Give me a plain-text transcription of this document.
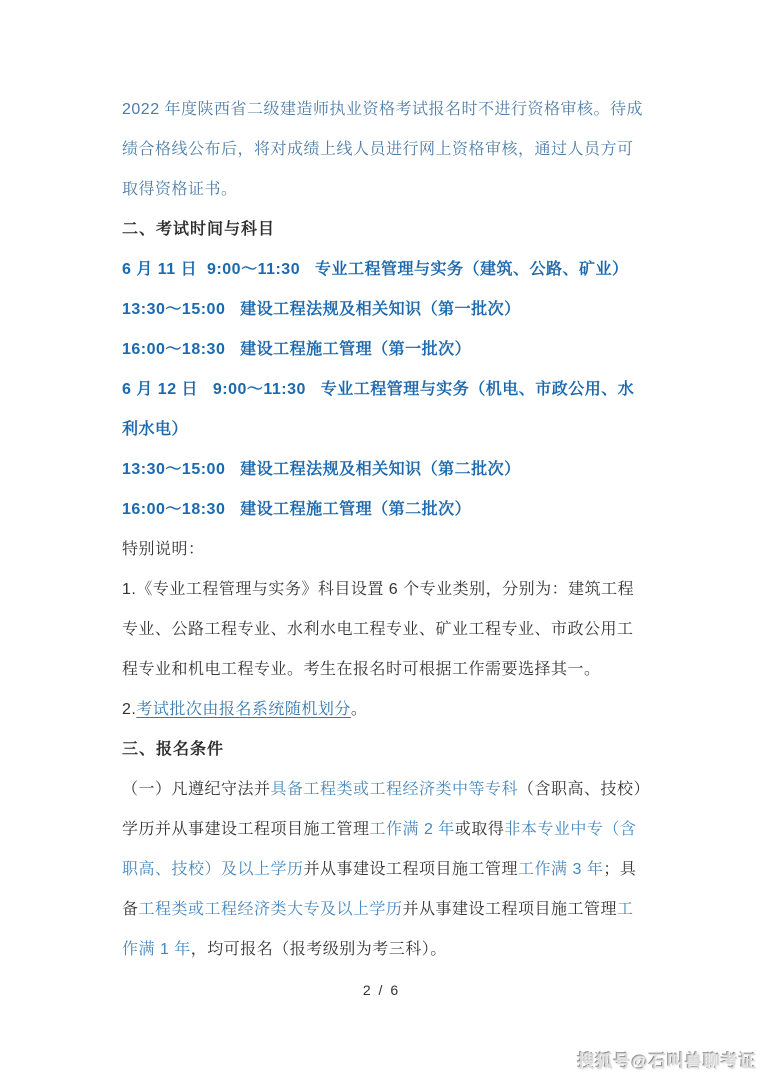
2022 年度陕西省二级建造师执业资格考试报名时不进行资格审核。待成
绩合格线公布后，将对成绩上线人员进行网上资格审核，通过人员方可
取得资格证书。
二、考试时间与科目
6 月 11 日  9:00～11:30   专业工程管理与实务（建筑、公路、矿业）
13:30～15:00   建设工程法规及相关知识（第一批次）
16:00～18:30   建设工程施工管理（第一批次）
6 月 12 日   9:00～11:30   专业工程管理与实务（机电、市政公用、水
利水电）
13:30～15:00   建设工程法规及相关知识（第二批次）
16:00～18:30   建设工程施工管理（第二批次）
特别说明：
1.《专业工程管理与实务》科目设置 6 个专业类别，分别为：建筑工程
专业、公路工程专业、水利水电工程专业、矿业工程专业、市政公用工
程专业和机电工程专业。考生在报名时可根据工作需要选择其一。
2.考试批次由报名系统随机划分。
三、报名条件
（一）凡遵纪守法并具备工程类或工程经济类中等专科（含职高、技校）
学历并从事建设工程项目施工管理工作满 2 年或取得非本专业中专（含
职高、技校）及以上学历并从事建设工程项目施工管理工作满 3 年；具
备工程类或工程经济类大专及以上学历并从事建设工程项目施工管理工
作满 1 年，均可报名（报考级别为考三科）。
2 / 6
搜狐号@石叫兽聊考证
